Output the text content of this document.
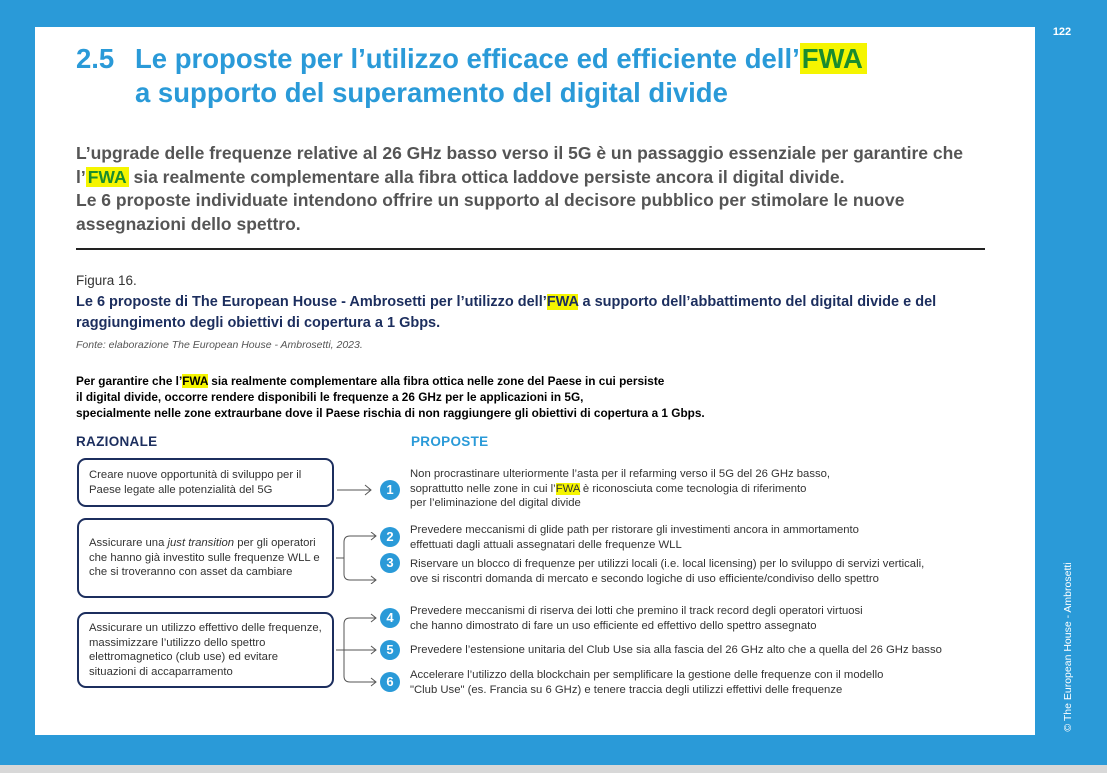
122
© The European House - Ambrosetti
2.5 Le proposte per l’utilizzo efficace ed efficiente dell’FWA
a supporto del superamento del digital divide
L’upgrade delle frequenze relative al 26 GHz basso verso il 5G è un passaggio essenziale per garantire che l’ FWA sia realmente complementare alla fibra ottica laddove persiste ancora il digital divide.
Le 6 proposte individuate intendono offrire un supporto al decisore pubblico per stimolare le nuove assegnazioni dello spettro.
Figura 16.
Le 6 proposte di The European House - Ambrosetti per l’utilizzo dell’FWA a supporto dell’abbattimento del digital divide e del raggiungimento degli obiettivi di copertura a 1 Gbps.
Fonte: elaborazione The European House - Ambrosetti, 2023.
Per garantire che l’FWA sia realmente complementare alla fibra ottica nelle zone del Paese in cui persiste
il digital divide, occorre rendere disponibili le frequenze a 26 GHz per le applicazioni in 5G,
specialmente nelle zone extraurbane dove il Paese rischia di non raggiungere gli obiettivi di copertura a 1 Gbps.
RAZIONALE	PROPOSTE
Creare nuove opportunità di sviluppo per il Paese legate alle potenzialità del 5G
Assicurare una just transition per gli operatori che hanno già investito sulle frequenze WLL e che si troveranno con asset da cambiare
Assicurare un utilizzo effettivo delle frequenze, massimizzare l’utilizzo dello spettro elettromagnetico (club use) ed evitare situazioni di accaparramento
1
2
3
4
5
6
Non procrastinare ulteriormente l’asta per il refarming verso il 5G del 26 GHz basso,
soprattutto nelle zone in cui l’FWA è riconosciuta come tecnologia di riferimento
per l’eliminazione del digital divide
Prevedere meccanismi di glide path per ristorare gli investimenti ancora in ammortamento
effettuati dagli attuali assegnatari delle frequenze WLL
Riservare un blocco di frequenze per utilizzi locali (i.e. local licensing) per lo sviluppo di servizi verticali,
ove si riscontri domanda di mercato e secondo logiche di uso efficiente/condiviso dello spettro
Prevedere meccanismi di riserva dei lotti che premino il track record degli operatori virtuosi
che hanno dimostrato di fare un uso efficiente ed effettivo dello spettro assegnato
Prevedere l’estensione unitaria del Club Use sia alla fascia del 26 GHz alto che a quella del 26 GHz basso
Accelerare l’utilizzo della blockchain per semplificare la gestione delle frequenze con il modello
"Club Use" (es. Francia su 6 GHz) e tenere traccia degli utilizzi effettivi delle frequenze
